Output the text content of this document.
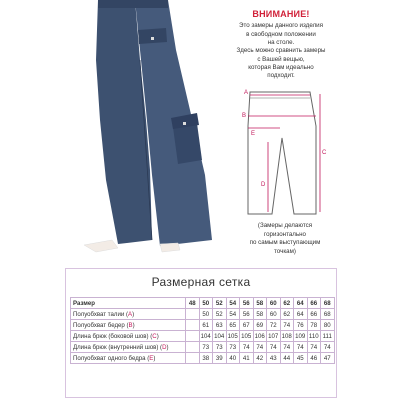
ВНИМАНИЕ!
Это замеры данного изделия
в свободном положении
на столе.
Здесь можно сравнить замеры
с Вашей вещью,
которая Вам идеально
подходит.
A
B
E
C
D
(Замеры делаются
горизонтально
по самым выступающим
точкам)
Размерная сетка
Размер	48	50	52	54	56	58	60	62	64	66	68
Полуобхват талии (A)		50	52	54	56	58	60	62	64	66	68
Полуобхват бедер (B)		61	63	65	67	69	72	74	76	78	80
Длина брюк (боковой шов) (C)		104	104	105	105	106	107	108	109	110	111
Длина брюк (внутренний шов) (D)		73	73	73	74	74	74	74	74	74	74
Полуобхват одного бедра (E)		38	39	40	41	42	43	44	45	46	47
